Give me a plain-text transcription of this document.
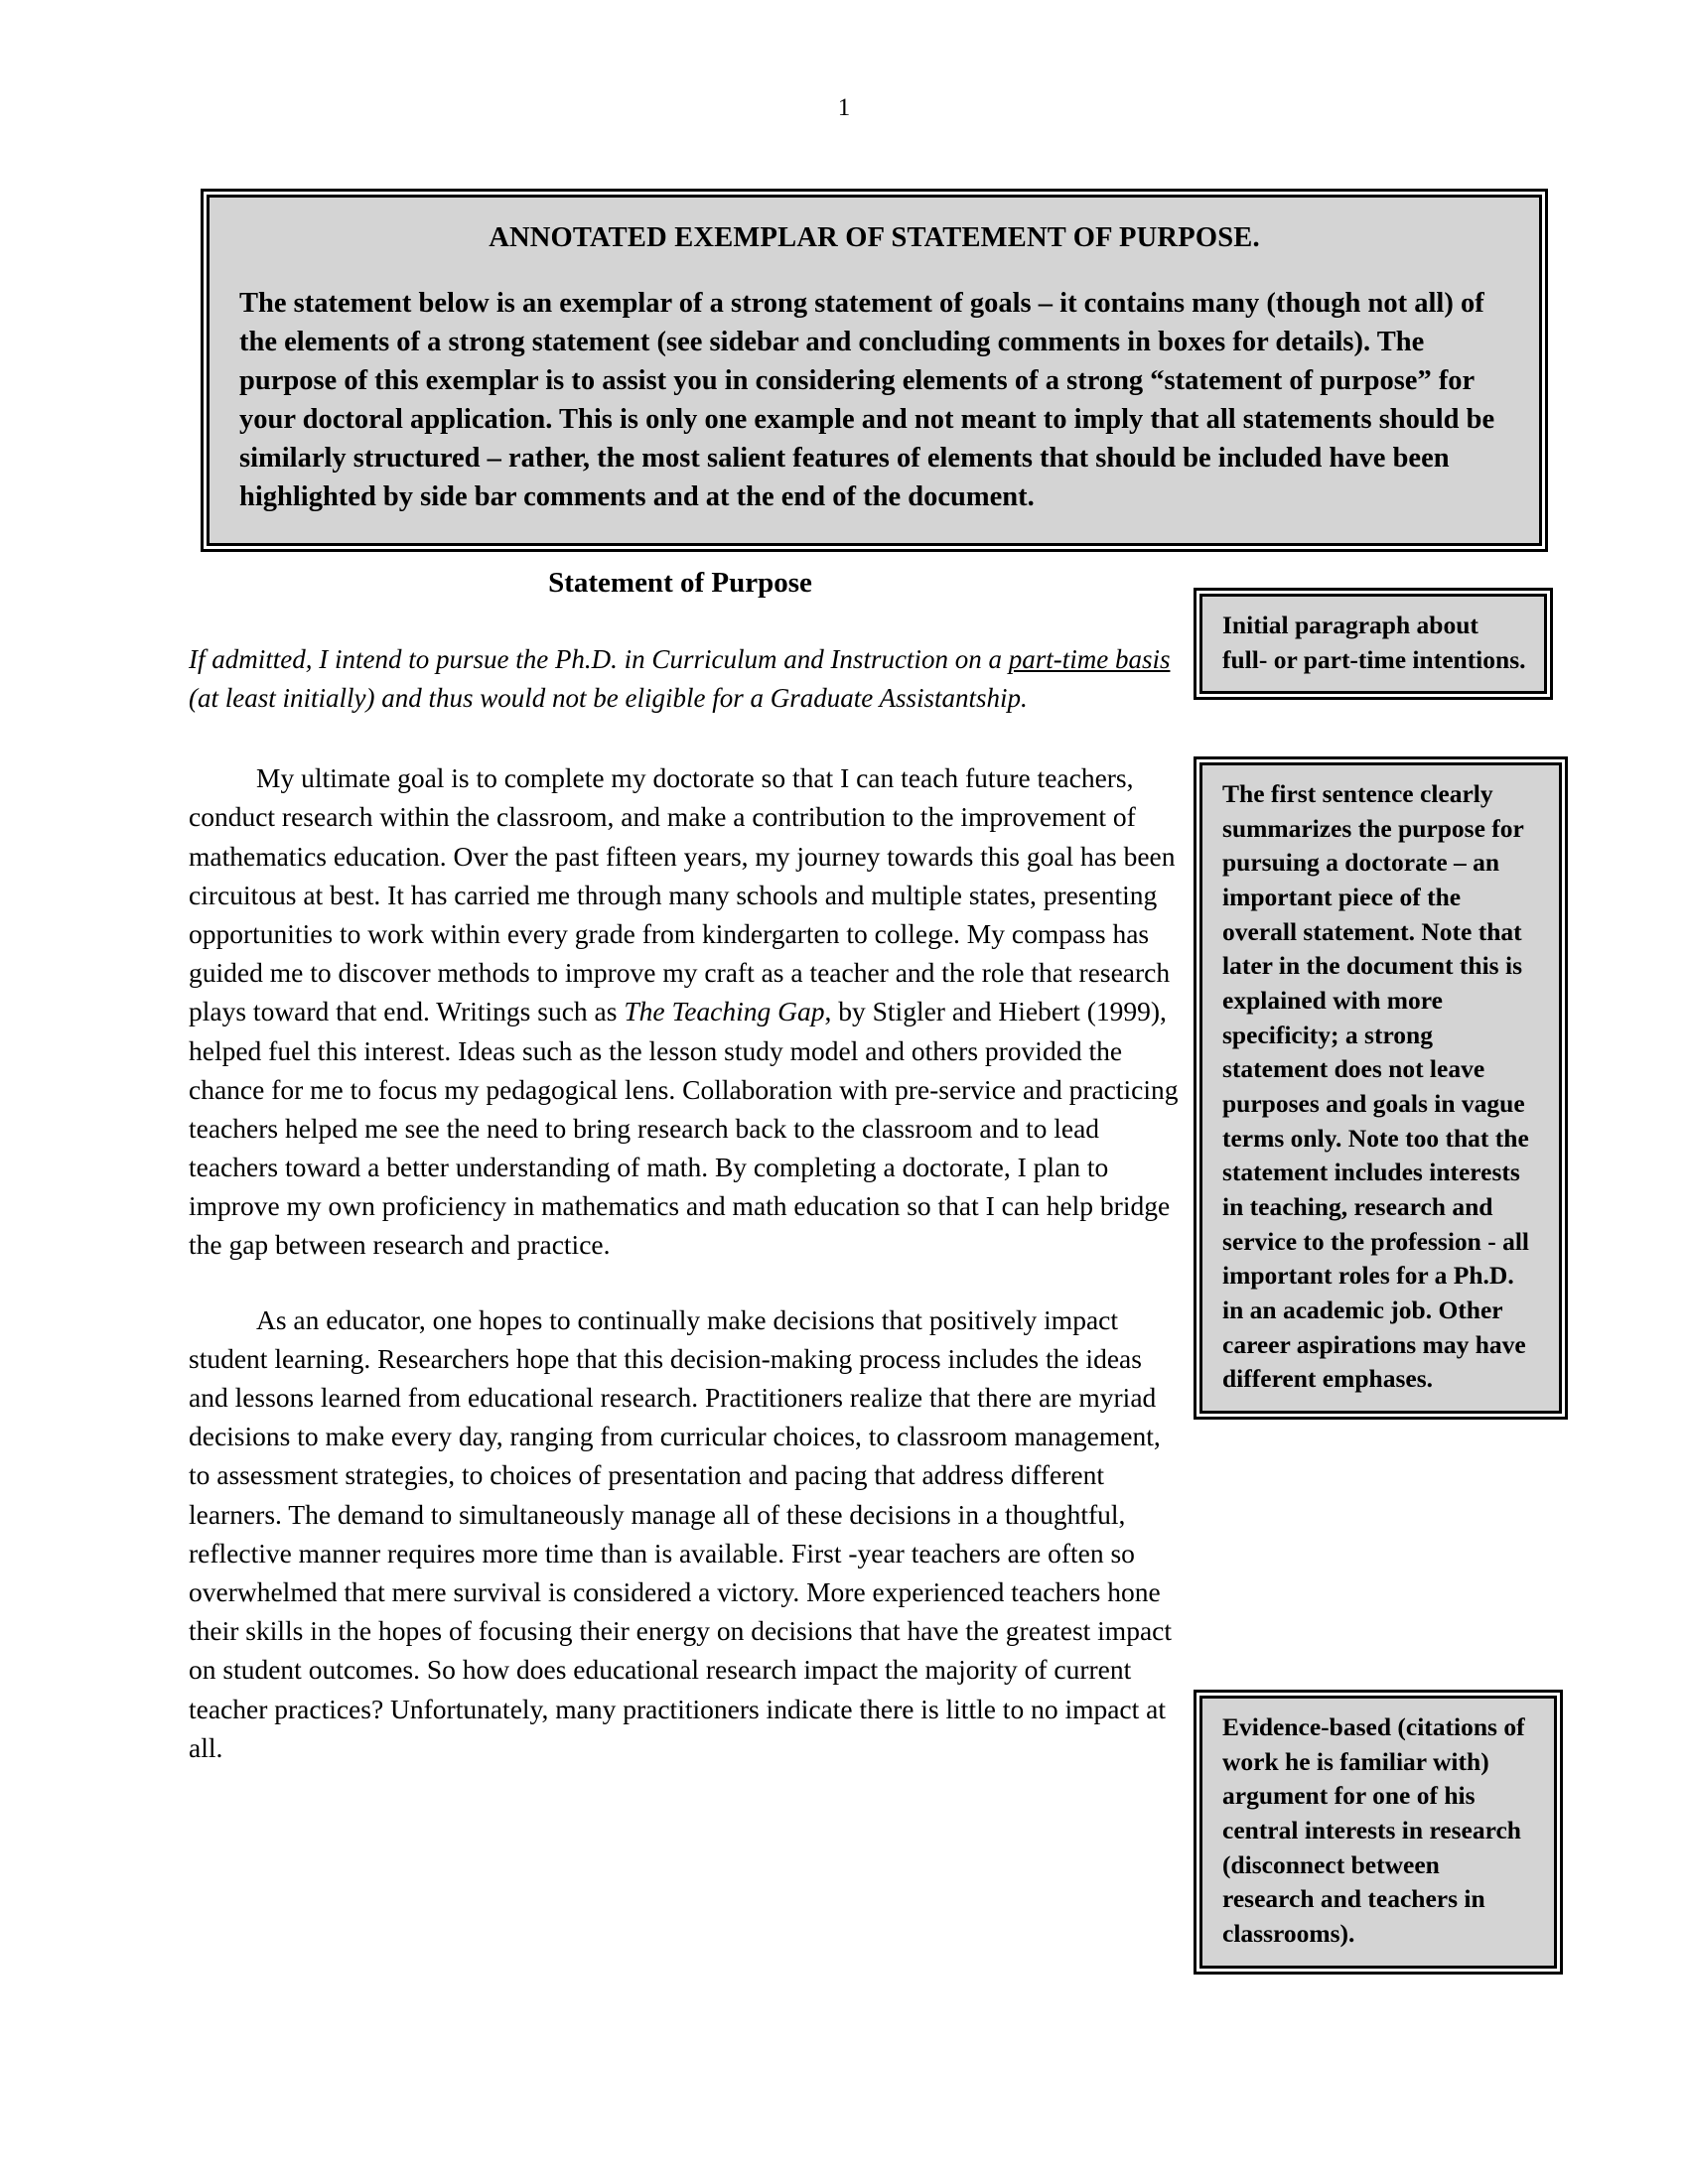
1
ANNOTATED EXEMPLAR OF STATEMENT OF PURPOSE.

The statement below is an exemplar of a strong statement of goals – it contains many (though not all) of the elements of a strong statement (see sidebar and concluding comments in boxes for details). The purpose of this exemplar is to assist you in considering elements of a strong “statement of purpose” for your doctoral application. This is only one example and not meant to imply that all statements should be similarly structured – rather, the most salient features of elements that should be included have been highlighted by side bar comments and at the end of the document.

Statement of Purpose

If admitted, I intend to pursue the Ph.D. in Curriculum and Instruction on a part-time basis (at least initially) and thus would not be eligible for a Graduate Assistantship.

My ultimate goal is to complete my doctorate so that I can teach future teachers, conduct research within the classroom, and make a contribution to the improvement of mathematics education. Over the past fifteen years, my journey towards this goal has been circuitous at best. It has carried me through many schools and multiple states, presenting opportunities to work within every grade from kindergarten to college. My compass has guided me to discover methods to improve my craft as a teacher and the role that research plays toward that end. Writings such as The Teaching Gap, by Stigler and Hiebert (1999), helped fuel this interest. Ideas such as the lesson study model and others provided the chance for me to focus my pedagogical lens. Collaboration with pre-service and practicing teachers helped me see the need to bring research back to the classroom and to lead teachers toward a better understanding of math. By completing a doctorate, I plan to improve my own proficiency in mathematics and math education so that I can help bridge the gap between research and practice.

As an educator, one hopes to continually make decisions that positively impact student learning. Researchers hope that this decision-making process includes the ideas and lessons learned from educational research. Practitioners realize that there are myriad decisions to make every day, ranging from curricular choices, to classroom management, to assessment strategies, to choices of presentation and pacing that address different learners. The demand to simultaneously manage all of these decisions in a thoughtful, reflective manner requires more time than is available. First -year teachers are often so overwhelmed that mere survival is considered a victory. More experienced teachers hone their skills in the hopes of focusing their energy on decisions that have the greatest impact on student outcomes. So how does educational research impact the majority of current teacher practices? Unfortunately, many practitioners indicate there is little to no impact at all.

Initial paragraph about full- or part-time intentions.

The first sentence clearly summarizes the purpose for pursuing a doctorate – an important piece of the overall statement. Note that later in the document this is explained with more specificity; a strong statement does not leave purposes and goals in vague terms only. Note too that the statement includes interests in teaching, research and service to the profession - all important roles for a Ph.D. in an academic job. Other career aspirations may have different emphases.

Evidence-based (citations of work he is familiar with) argument for one of his central interests in research (disconnect between research and teachers in classrooms).
